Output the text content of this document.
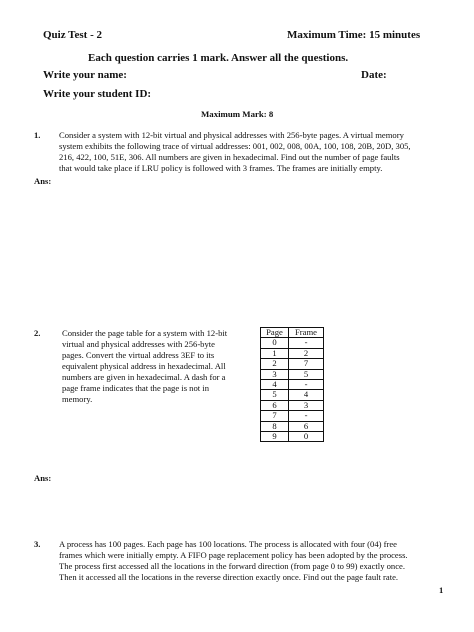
Quiz Test - 2	Maximum Time: 15 minutes
Each question carries 1 mark. Answer all the questions.
Write your name:	Date:
Write your student ID:
Maximum Mark: 8
1. Consider a system with 12-bit virtual and physical addresses with 256-byte pages. A virtual memory
system exhibits the following trace of virtual addresses: 001, 002, 008, 00A, 100, 108, 20B, 20D, 305,
216, 422, 100, 51E, 306. All numbers are given in hexadecimal. Find out the number of page faults
that would take place if LRU policy is followed with 3 frames. The frames are initially empty.
Ans:
2.	Consider the page table for a system with 12-bit
virtual and physical addresses with 256-byte
pages. Convert the virtual address 3EF to its
equivalent physical address in hexadecimal. All
numbers are given in hexadecimal. A dash for a
page frame indicates that the page is not in
memory.
Page	Frame
0	-
1	2
2	7
3	5
4	-
5	4
6	3
7	-
8	6
9	0
Ans:
3. A process has 100 pages. Each page has 100 locations. The process is allocated with four (04) free
frames which were initially empty. A FIFO page replacement policy has been adopted by the process.
The process first accessed all the locations in the forward direction (from page 0 to 99) exactly once.
Then it accessed all the locations in the reverse direction exactly once. Find out the page fault rate.
1
